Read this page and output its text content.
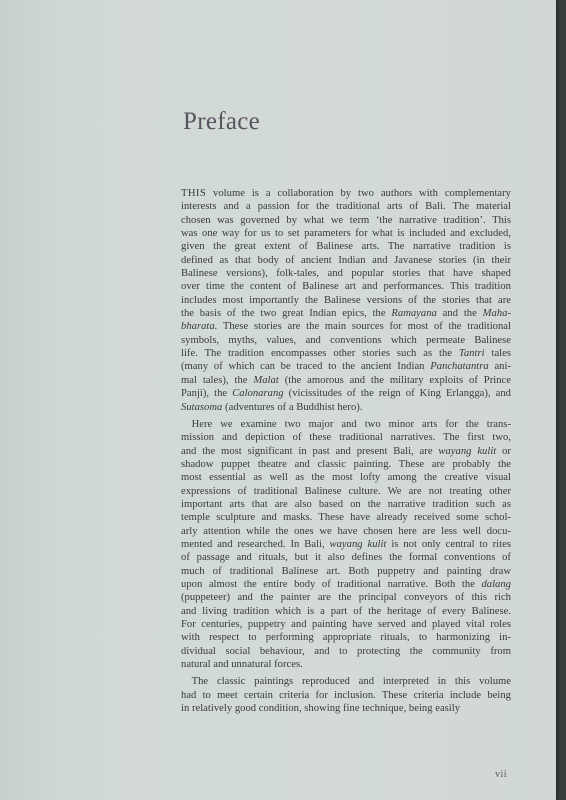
Preface
THIS volume is a collaboration by two authors with complementary
interests and a passion for the traditional arts of Bali. The material
chosen was governed by what we term ‘the narrative tradition’. This
was one way for us to set parameters for what is included and excluded,
given the great extent of Balinese arts. The narrative tradition is
defined as that body of ancient Indian and Javanese stories (in their
Balinese versions), folk-tales, and popular stories that have shaped
over time the content of Balinese art and performances. This tradition
includes most importantly the Balinese versions of the stories that are
the basis of the two great Indian epics, the Ramayana and the Maha-
bharata. These stories are the main sources for most of the traditional
symbols, myths, values, and conventions which permeate Balinese
life. The tradition encompasses other stories such as the Tantri tales
(many of which can be traced to the ancient Indian Panchatantra ani-
mal tales), the Malat (the amorous and the military exploits of Prince
Panji), the Calonarang (vicissitudes of the reign of King Erlangga), and
Sutasoma (adventures of a Buddhist hero).
 Here we examine two major and two minor arts for the trans-
mission and depiction of these traditional narratives. The first two,
and the most significant in past and present Bali, are wayang kulit or
shadow puppet theatre and classic painting. These are probably the
most essential as well as the most lofty among the creative visual
expressions of traditional Balinese culture. We are not treating other
important arts that are also based on the narrative tradition such as
temple sculpture and masks. These have already received some schol-
arly attention while the ones we have chosen here are less well docu-
mented and researched. In Bali, wayang kulit is not only central to rites
of passage and rituals, but it also defines the formal conventions of
much of traditional Balinese art. Both puppetry and painting draw
upon almost the entire body of traditional narrative. Both the dalang
(puppeteer) and the painter are the principal conveyors of this rich
and living tradition which is a part of the heritage of every Balinese.
For centuries, puppetry and painting have served and played vital roles
with respect to performing appropriate rituals, to harmonizing in-
dividual social behaviour, and to protecting the community from
natural and unnatural forces.
 The classic paintings reproduced and interpreted in this volume
had to meet certain criteria for inclusion. These criteria include being
in relatively good condition, showing fine technique, being easily
vii
